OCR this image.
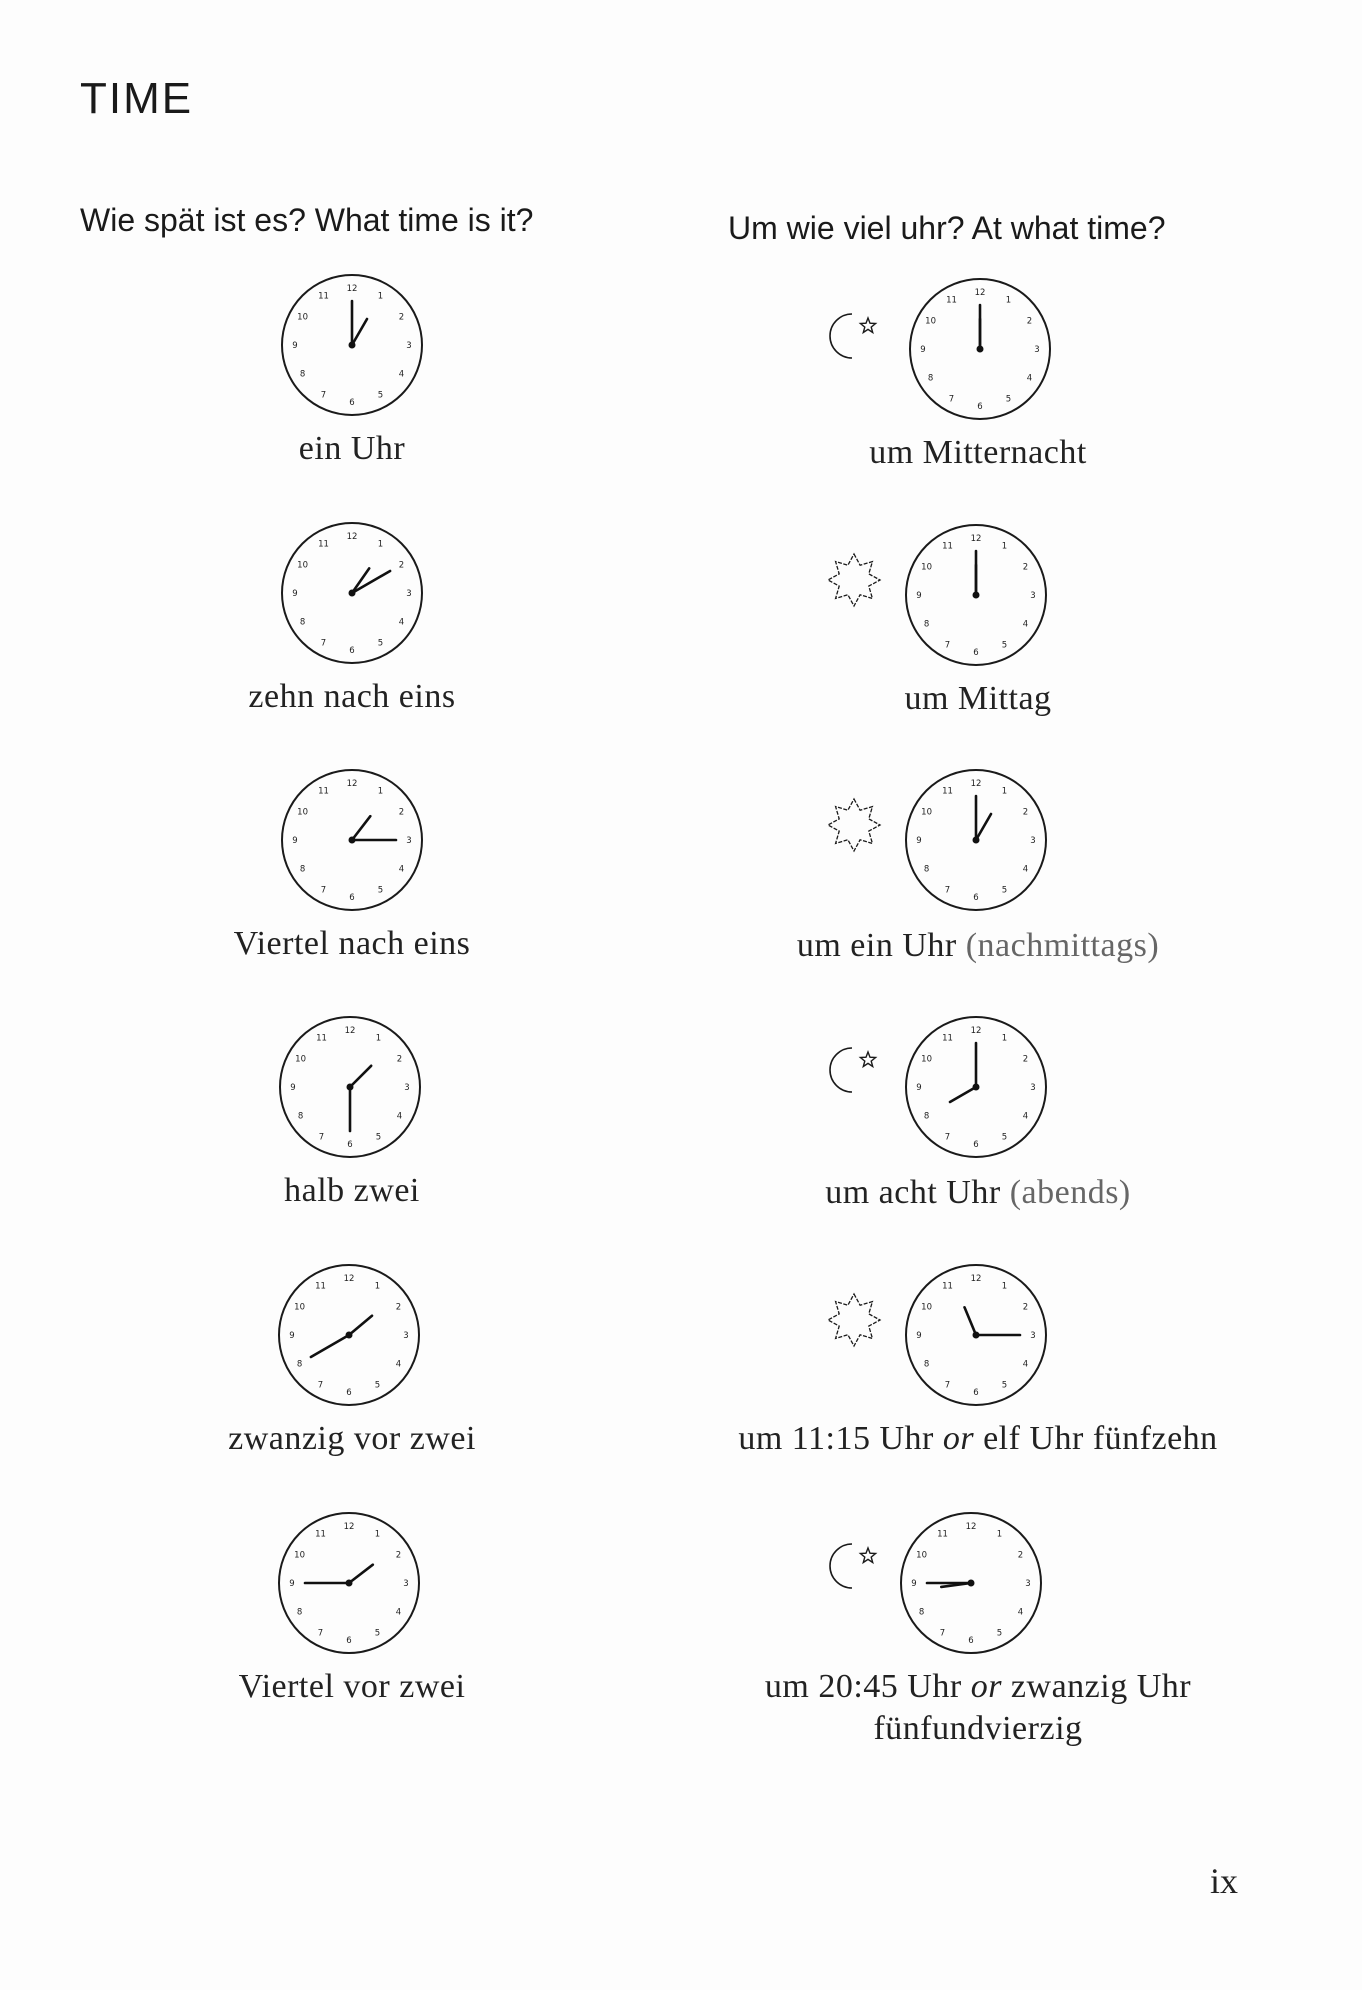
TIME
Wie spät ist es? What time is it?	Um wie viel uhr? At what time?
12
1
2
3
4
5
6
7
8
9
10
11
ein Uhr
12
1
2
3
4
5
6
7
8
9
10
11
zehn nach eins
12
1
2
3
4
5
6
7
8
9
10
11
Viertel nach eins
12
1
2
3
4
5
6
7
8
9
10
11
halb zwei
12
1
2
3
4
5
6
7
8
9
10
11
zwanzig vor zwei
12
1
2
3
4
5
6
7
8
9
10
11
Viertel vor zwei
12
1
2
3
4
5
6
7
8
9
10
11
um Mitternacht
12
1
2
3
4
5
6
7
8
9
10
11
um Mittag
12
1
2
3
4
5
6
7
8
9
10
11
um ein Uhr (nachmittags)
12
1
2
3
4
5
6
7
8
9
10
11
um acht Uhr (abends)
12
1
2
3
4
5
6
7
8
9
10
11
um 11:15 Uhr or elf Uhr fünfzehn
12
1
2
3
4
5
6
7
8
9
10
11
um 20:45 Uhr or zwanzig Uhr
fünfundvierzig
ix
